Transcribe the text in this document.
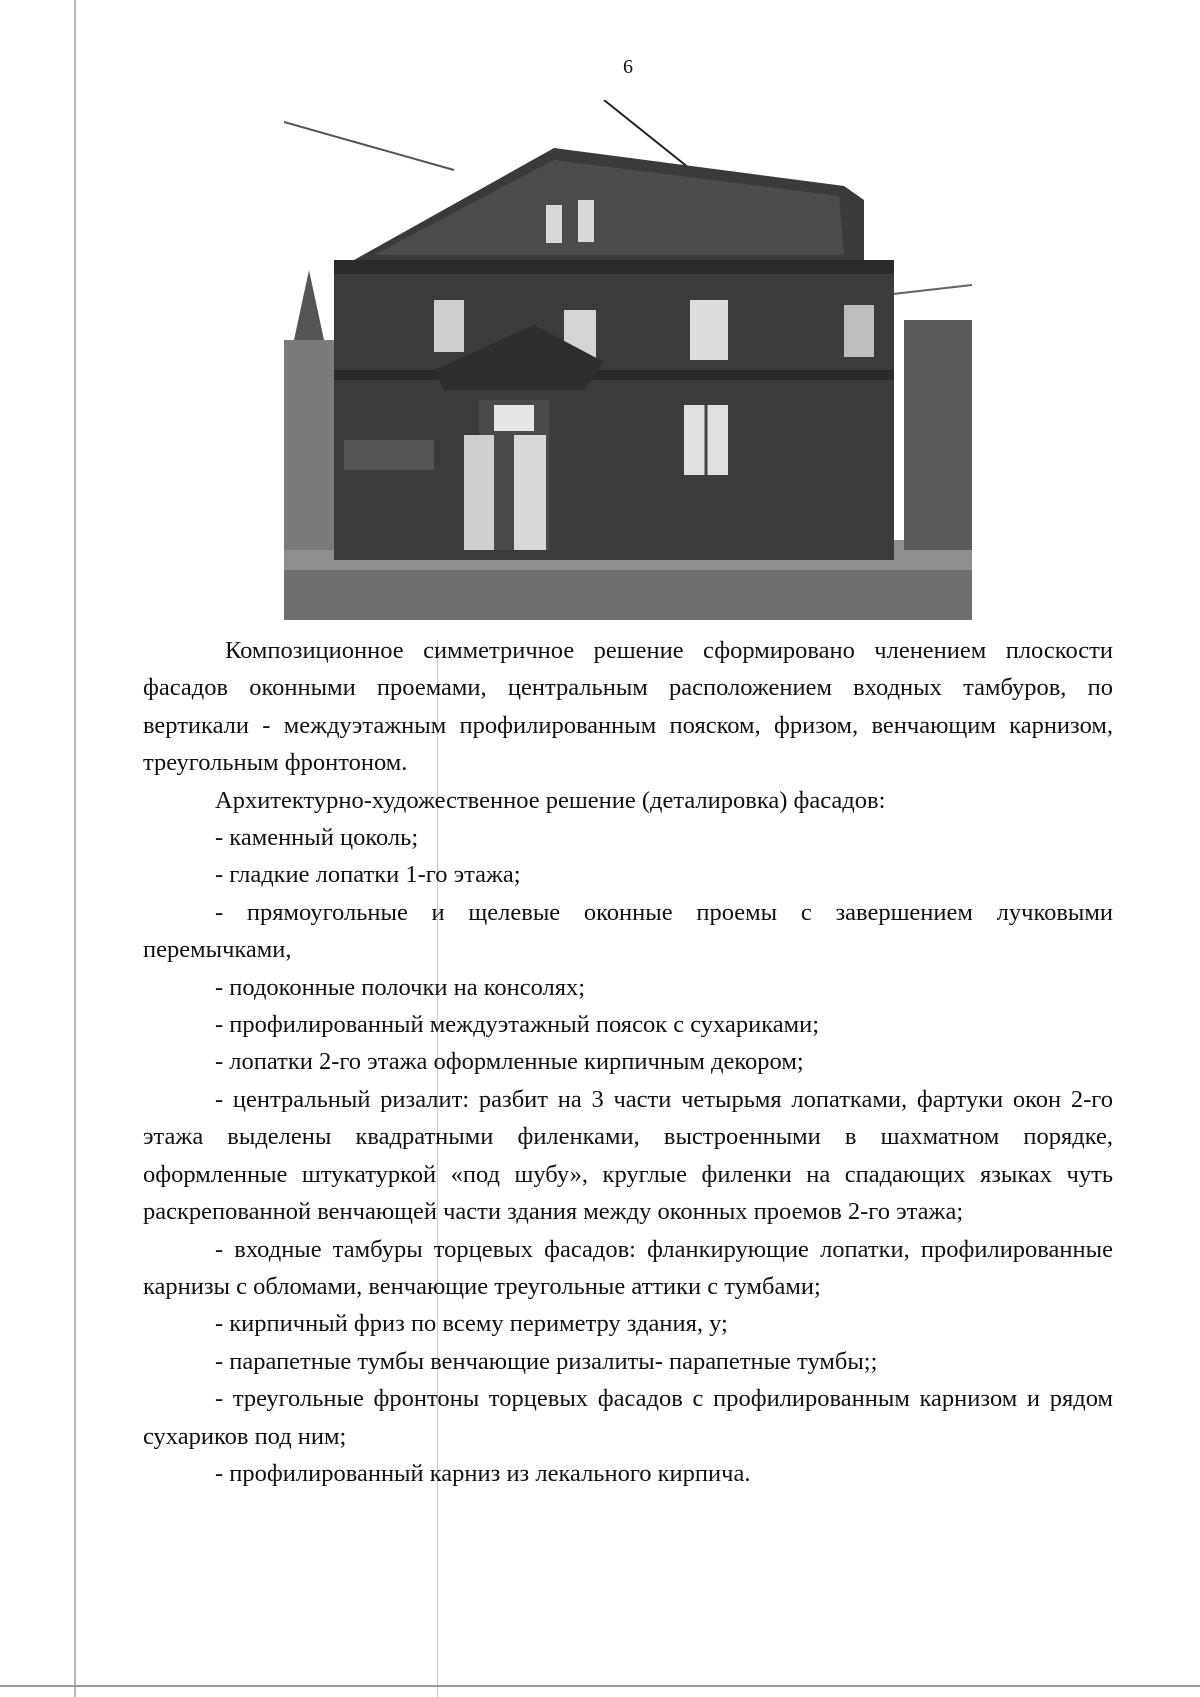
6

Композиционное симметричное решение сформировано членением плоскости фасадов оконными проемами, центральным расположением входных тамбуров, по вертикали - междуэтажным профилированным пояском, фризом, венчающим карнизом, треугольным фронтоном.

Архитектурно-художественное решение (деталировка) фасадов:

- каменный цоколь;

- гладкие лопатки 1-го этажа;

- прямоугольные и щелевые оконные проемы с завершением лучковыми перемычками,

- подоконные полочки на консолях;

- профилированный междуэтажный поясок с сухариками;

- лопатки 2-го этажа оформленные кирпичным декором;

- центральный ризалит: разбит на 3 части четырьмя лопатками, фартуки окон 2-го этажа выделены квадратными филенками, выстроенными в шахматном порядке, оформленные штукатуркой «под шубу», круглые филенки на спадающих языках чуть раскрепованной венчающей части здания между оконных проемов 2-го этажа;

- входные тамбуры торцевых фасадов: фланкирующие лопатки, профилированные карнизы с обломами, венчающие треугольные аттики с тумбами;

- кирпичный фриз по всему периметру здания, у;

- парапетные тумбы венчающие ризалиты- парапетные тумбы;;

- треугольные фронтоны торцевых фасадов с профилированным карнизом и рядом сухариков под ним;

- профилированный карниз из лекального кирпича.
